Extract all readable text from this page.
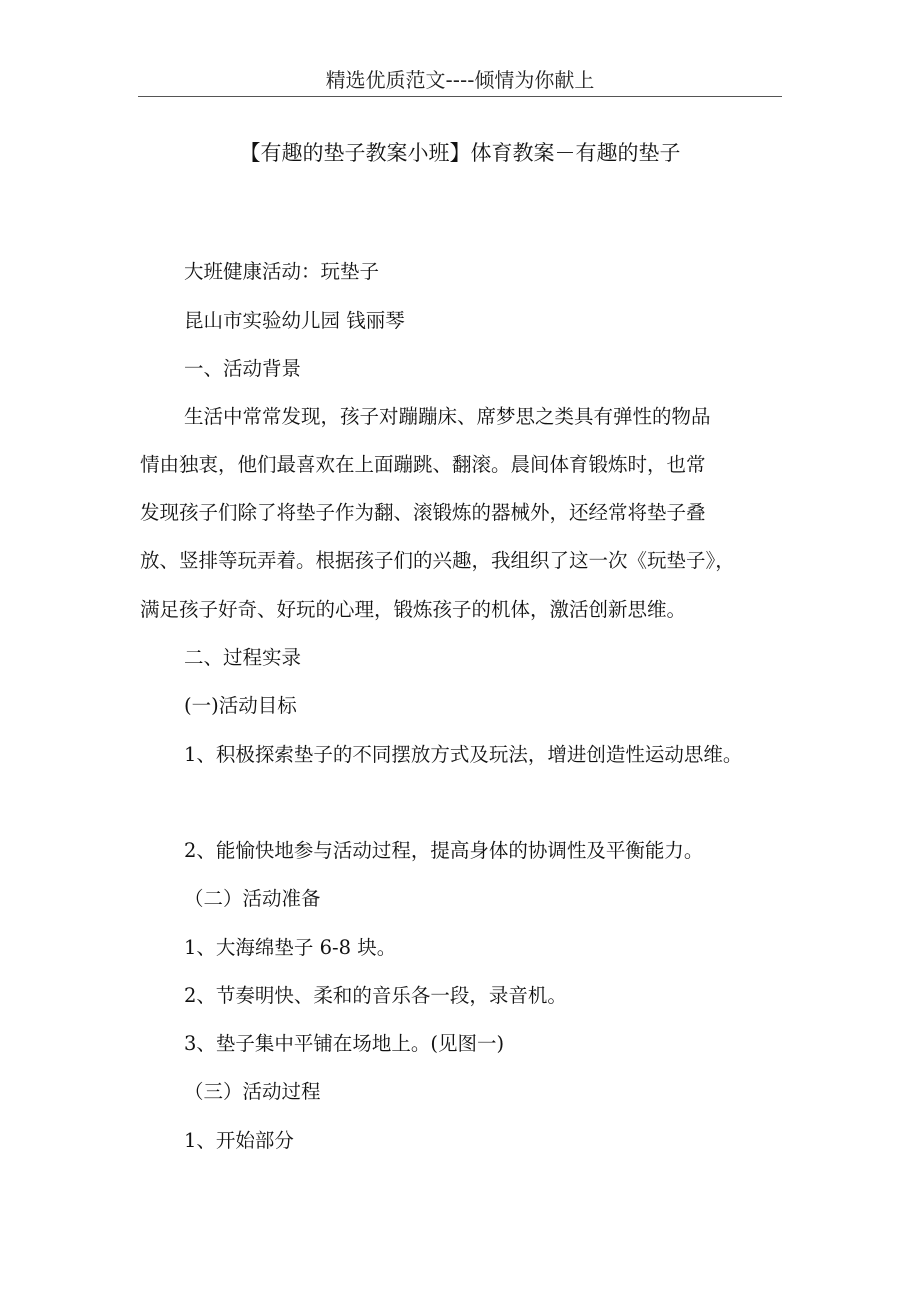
精选优质范文----倾情为你献上
【有趣的垫子教案小班】体育教案－有趣的垫子
大班健康活动：玩垫子
昆山市实验幼儿园 钱丽琴
一、活动背景
生活中常常发现，孩子对蹦蹦床、席梦思之类具有弹性的物品
情由独衷，他们最喜欢在上面蹦跳、翻滚。晨间体育锻炼时，也常
发现孩子们除了将垫子作为翻、滚锻炼的器械外，还经常将垫子叠
放、竖排等玩弄着。根据孩子们的兴趣，我组织了这一次《玩垫子》，
满足孩子好奇、好玩的心理，锻炼孩子的机体，激活创新思维。
二、过程实录
(一)活动目标
1、积极探索垫子的不同摆放方式及玩法，增进创造性运动思维。
2、能愉快地参与活动过程，提高身体的协调性及平衡能力。
（二）活动准备
1、大海绵垫子 6-8 块。
2、节奏明快、柔和的音乐各一段，录音机。
3、垫子集中平铺在场地上。(见图一)
（三）活动过程
1、开始部分
